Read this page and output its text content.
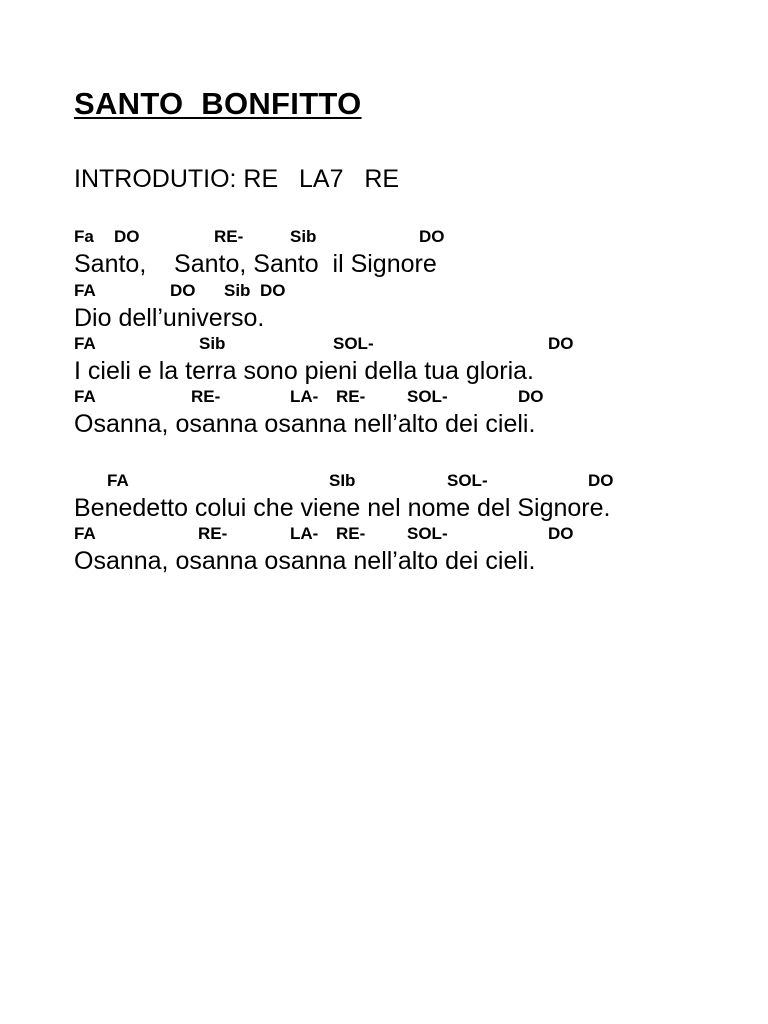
SANTO  BONFITTO
INTRODUTIO: RE   LA7   RE
Fa DO	RE-	Sib	DO
Santo,    Santo, Santo  il Signore
FA	DO Sib DO
Dio dell’universo.
FA	Sib	SOL-	DO
I cieli e la terra sono pieni della tua gloria.
FA	RE-	LA- RE- SOL-	DO
Osanna, osanna osanna nell’alto dei cieli.
FA	SIb	SOL-	DO
Benedetto colui che viene nel nome del Signore.
FA	RE-	LA- RE- SOL-	DO
Osanna, osanna osanna nell’alto dei cieli.
